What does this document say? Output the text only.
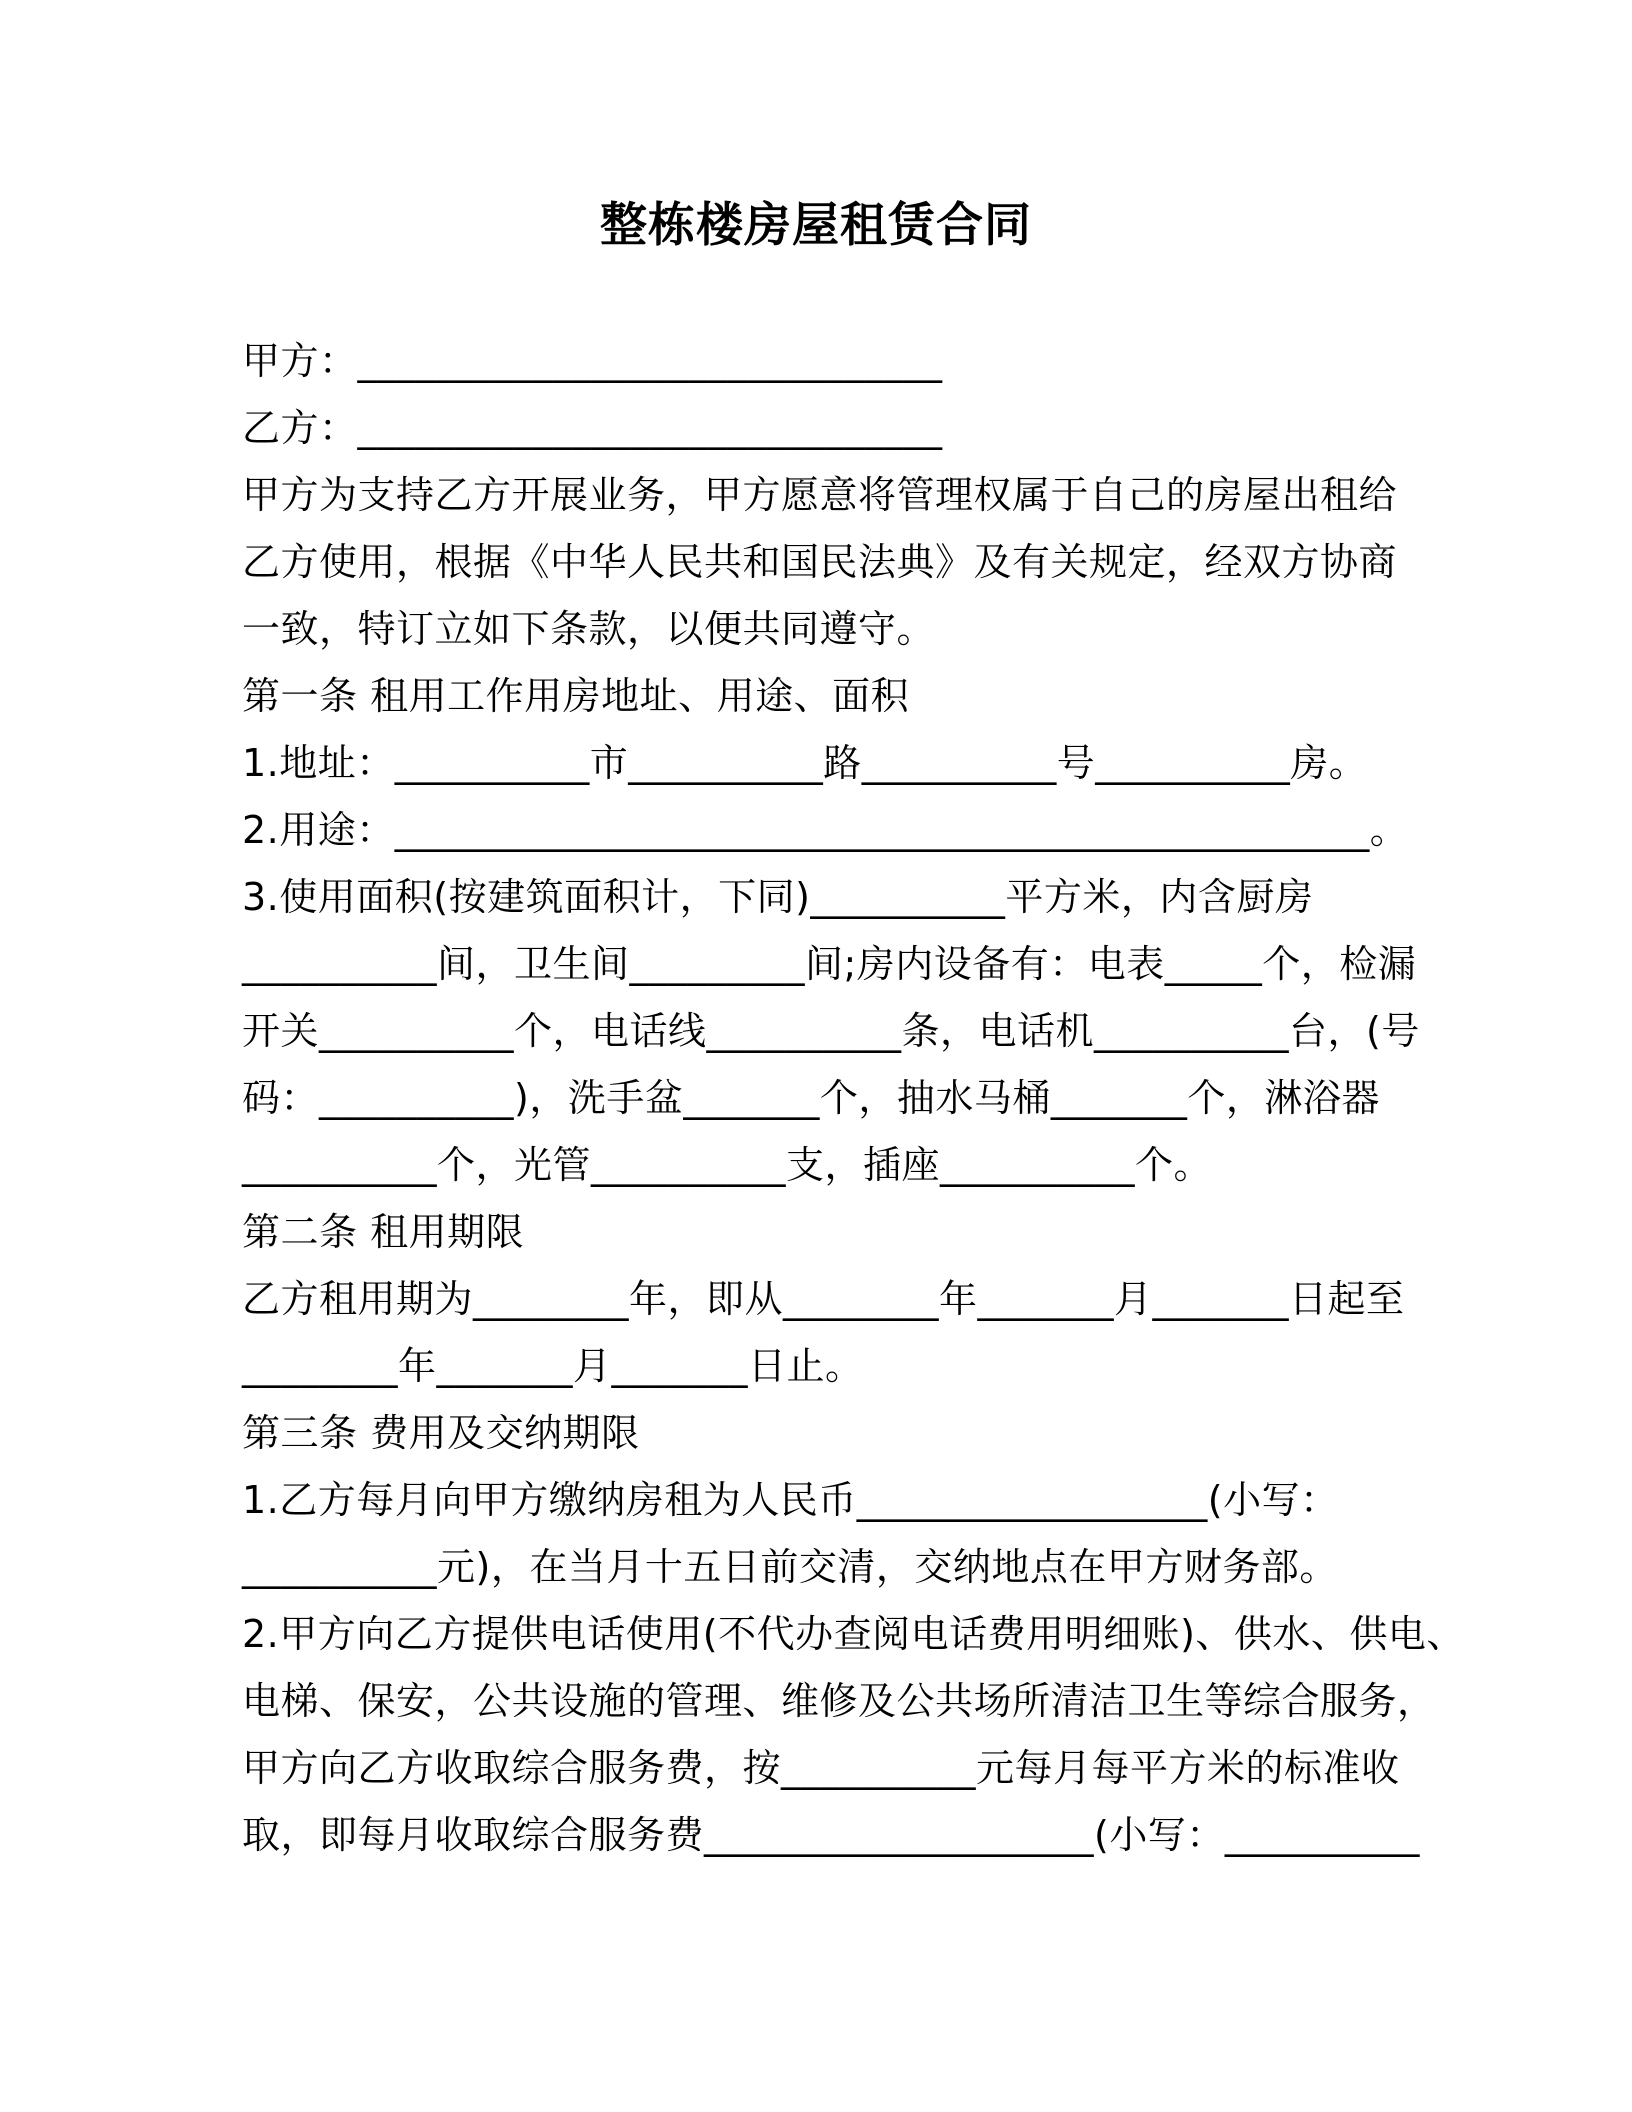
整栋楼房屋租赁合同
甲方：______________________________
乙方：______________________________
甲方为支持乙方开展业务，甲方愿意将管理权属于自己的房屋出租给
乙方使用，根据《中华人民共和国民法典》及有关规定，经双方协商
一致，特订立如下条款，以便共同遵守。
第一条 租用工作用房地址、用途、面积
1.地址：__________市__________路__________号__________房。
2.用途：__________________________________________________。
3.使用面积(按建筑面积计，下同)__________平方米，内含厨房
__________间，卫生间_________间;房内设备有：电表_____个，检漏
开关__________个，电话线__________条，电话机__________台，(号
码：__________)，洗手盆_______个，抽水马桶_______个，淋浴器
__________个，光管__________支，插座__________个。
第二条 租用期限
乙方租用期为________年，即从________年_______月_______日起至
________年_______月_______日止。
第三条 费用及交纳期限
1.乙方每月向甲方缴纳房租为人民币__________________(小写：
__________元)，在当月十五日前交清，交纳地点在甲方财务部。
2.甲方向乙方提供电话使用(不代办查阅电话费用明细账)、供水、供电、
电梯、保安，公共设施的管理、维修及公共场所清洁卫生等综合服务，
甲方向乙方收取综合服务费，按__________元每月每平方米的标准收
取，即每月收取综合服务费____________________(小写：__________
